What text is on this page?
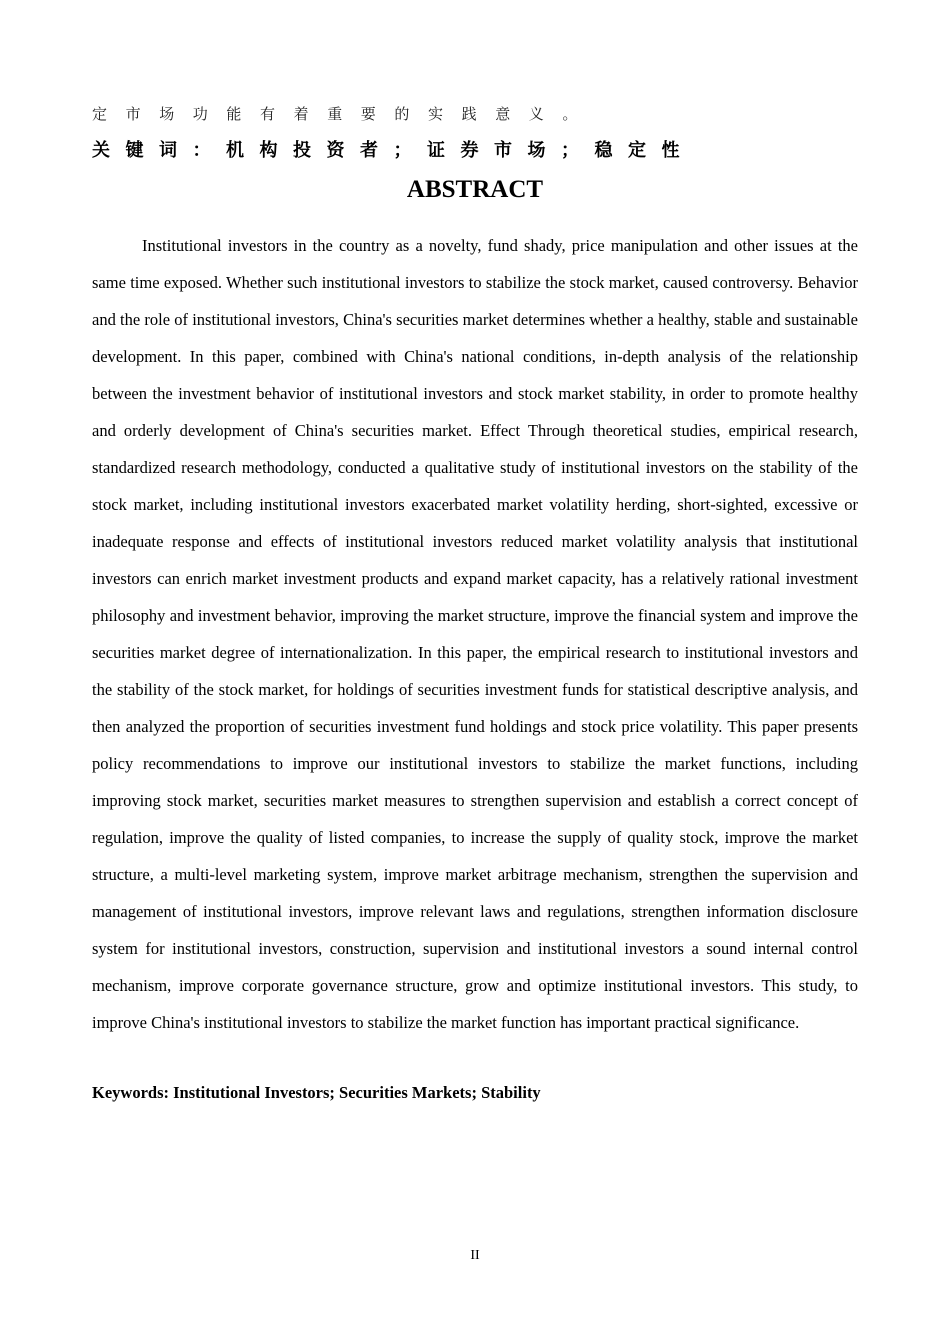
定市场功能有着重要的实践意义。
关键词：机构投资者；证券市场；稳定性
ABSTRACT

Institutional investors in the country as a novelty, fund shady, price manipulation and other issues at the same time exposed. Whether such institutional investors to stabilize the stock market, caused controversy. Behavior and the role of institutional investors, China's securities market determines whether a healthy, stable and sustainable development. In this paper, combined with China's national conditions, in-depth analysis of the relationship between the investment behavior of institutional investors and stock market stability, in order to promote healthy and orderly development of China's securities market. Effect Through theoretical studies, empirical research, standardized research methodology, conducted a qualitative study of institutional investors on the stability of the stock market, including institutional investors exacerbated market volatility herding, short-sighted, excessive or inadequate response and effects of institutional investors reduced market volatility analysis that institutional investors can enrich market investment products and expand market capacity, has a relatively rational investment philosophy and investment behavior, improving the market structure, improve the financial system and improve the securities market degree of internationalization. In this paper, the empirical research to institutional investors and the stability of the stock market, for holdings of securities investment funds for statistical descriptive analysis, and then analyzed the proportion of securities investment fund holdings and stock price volatility. This paper presents policy recommendations to improve our institutional investors to stabilize the market functions, including improving stock market, securities market measures to strengthen supervision and establish a correct concept of regulation, improve the quality of listed companies, to increase the supply of quality stock, improve the market structure, a multi-level marketing system, improve market arbitrage mechanism, strengthen the supervision and management of institutional investors, improve relevant laws and regulations, strengthen information disclosure system for institutional investors, construction, supervision and institutional investors a sound internal control mechanism, improve corporate governance structure, grow and optimize institutional investors. This study, to improve China's institutional investors to stabilize the market function has important practical significance.

Keywords: Institutional Investors; Securities Markets; Stability

II
